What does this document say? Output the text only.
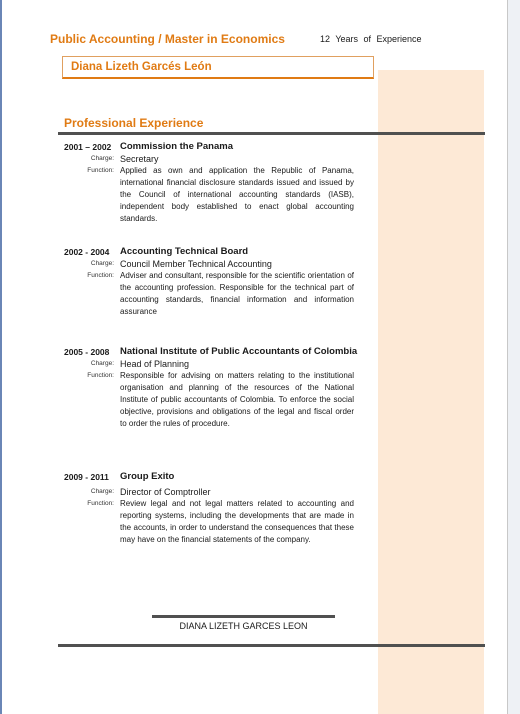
Public Accounting / Master in Economics	12 Years of Experience
Diana Lizeth Garcés León
Professional Experience
2001 – 2002 Commission the Panama
Charge: Secretary
Function: Applied as own and application the Republic of Panama, international financial disclosure standards issued and issued by the Council of international accounting standards (IASB), independent body established to enact global accounting standards.
2002 - 2004	Accounting Technical Board
Charge: Council Member Technical Accounting
Function: Adviser and consultant, responsible for the scientific orientation of the accounting profession. Responsible for the technical part of accounting standards, financial information and information assurance
2005 - 2008	National Institute of Public Accountants of Colombia
Charge: Head of Planning
Function: Responsible for advising on matters relating to the institutional organisation and planning of the resources of the National Institute of public accountants of Colombia. To enforce the social objective, provisions and obligations of the legal and fiscal order to order the rules of procedure.
2009 - 2011	Group Exito
Charge: Director of Comptroller
Function: Review legal and not legal matters related to accounting and reporting systems, including the developments that are made in the accounts, in order to understand the consequences that these may have on the financial statements of the company.
DIANA LIZETH GARCES LEON
